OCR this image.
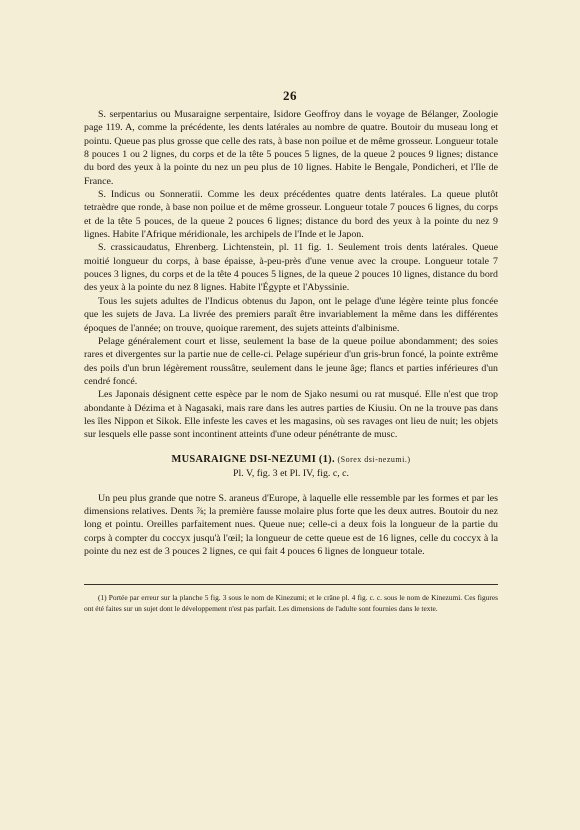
26

S. serpentarius ou Musaraigne serpentaire, Isidore Geoffroy dans le voyage de Bélanger, Zoologie page 119. A, comme la précédente, les dents latérales au nombre de quatre. Boutoir du museau long et pointu. Queue pas plus grosse que celle des rats, à base non poilue et de même grosseur. Longueur totale 8 pouces 1 ou 2 lignes, du corps et de la tête 5 pouces 5 lignes, de la queue 2 pouces 9 lignes; distance du bord des yeux à la pointe du nez un peu plus de 10 lignes. Habite le Bengale, Pondicheri, et l'Ile de France.

S. Indicus ou Sonneratii. Comme les deux précédentes quatre dents latérales. La queue plutôt tetraèdre que ronde, à base non poilue et de même grosseur. Longueur totale 7 pouces 6 lignes, du corps et de la tête 5 pouces, de la queue 2 pouces 6 lignes; distance du bord des yeux à la pointe du nez 9 lignes. Habite l'Afrique méridionale, les archipels de l'Inde et le Japon.

S. crassicaudatus, Ehrenberg. Lichtenstein, pl. 11 fig. 1. Seulement trois dents latérales. Queue moitié longueur du corps, à base épaisse, à-peu-près d'une venue avec la croupe. Longueur totale 7 pouces 3 lignes, du corps et de la tête 4 pouces 5 lignes, de la queue 2 pouces 10 lignes, distance du bord des yeux à la pointe du nez 8 lignes. Habite l'Égypte et l'Abyssinie.

Tous les sujets adultes de l'Indicus obtenus du Japon, ont le pelage d'une légère teinte plus foncée que les sujets de Java. La livrée des premiers paraît être invariablement la même dans les différentes époques de l'année; on trouve, quoique rarement, des sujets atteints d'albinisme.

Pelage généralement court et lisse, seulement la base de la queue poilue abondamment; des soies rares et divergentes sur la partie nue de celle-ci. Pelage supérieur d'un gris-brun foncé, la pointe extrême des poils d'un brun légèrement roussâtre, seulement dans le jeune âge; flancs et parties inférieures d'un cendré foncé.

Les Japonais désignent cette espèce par le nom de Sjako nesumi ou rat musqué. Elle n'est que trop abondante à Dézima et à Nagasaki, mais rare dans les autres parties de Kiusiu. On ne la trouve pas dans les îles Nippon et Sikok. Elle infeste les caves et les magasins, où ses ravages ont lieu de nuit; les objets sur lesquels elle passe sont incontinent atteints d'une odeur pénétrante de musc.

MUSARAIGNE DSI-NEZUMI (1). (Sorex dsi-nezumi.)
Pl. V, fig. 3 et Pl. IV, fig. c, c.

Un peu plus grande que notre S. araneus d'Europe, à laquelle elle ressemble par les formes et par les dimensions relatives. Dents ⅞; la première fausse molaire plus forte que les deux autres. Boutoir du nez long et pointu. Oreilles parfaitement nues. Queue nue; celle-ci a deux fois la longueur de la partie du corps à compter du coccyx jusqu'à l'œil; la longueur de cette queue est de 16 lignes, celle du coccyx à la pointe du nez est de 3 pouces 2 lignes, ce qui fait 4 pouces 6 lignes de longueur totale.

(1) Portée par erreur sur la planche 5 fig. 3 sous le nom de Kinezumi; et le crâne pl. 4 fig. c. c. sous le nom de Kinezumi. Ces figures ont été faites sur un sujet dont le développement n'est pas parfait. Les dimensions de l'adulte sont fournies dans le texte.
